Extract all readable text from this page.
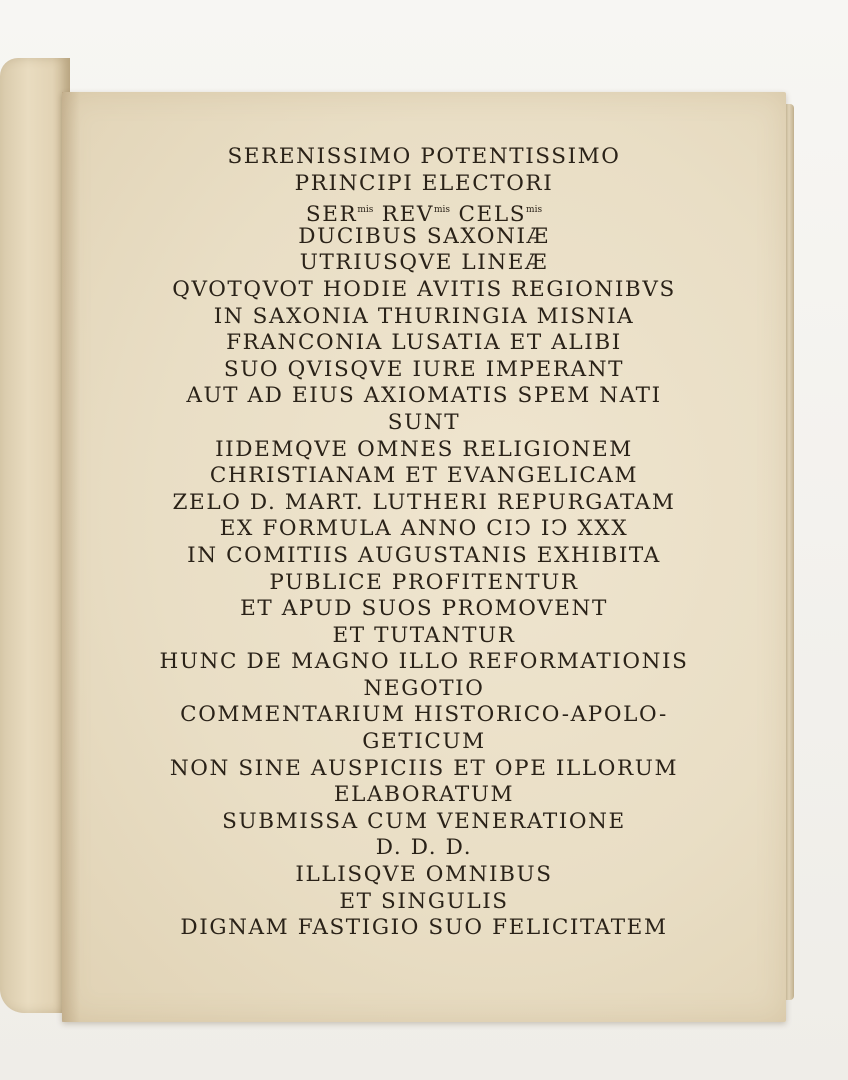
SERENISSIMO POTENTISSIMO
PRINCIPI ELECTORI
$SER^{mis}$ $REV^{mis}$ $CELS^{mis}$
DUCIBUS SAXONIÆ
UTRIUSQVE LINEÆ
QVOTQVOT HODIE AVITIS REGIONIBVS
IN SAXONIA THURINGIA MISNIA
FRANCONIA LUSATIA ET ALIBI
SUO QVISQVE IURE IMPERANT
AUT AD EIUS AXIOMATIS SPEM NATI
SUNT
IIDEMQVE OMNES RELIGIONEM
CHRISTIANAM ET EVANGELICAM
ZELO D. MART. LUTHERI REPURGATAM
EX FORMULA ANNO CIↃ IↃ XXX
IN COMITIIS AUGUSTANIS EXHIBITA
PUBLICE PROFITENTUR
ET APUD SUOS PROMOVENT
ET TUTANTUR
HUNC DE MAGNO ILLO REFORMATIONIS
NEGOTIO
COMMENTARIUM HISTORICO-APOLO-
GETICUM
NON SINE AUSPICIIS ET OPE ILLORUM
ELABORATUM
SUBMISSA CUM VENERATIONE
D. D. D.
ILLISQVE OMNIBUS
ET SINGULIS
DIGNAM FASTIGIO SUO FELICITATEM
